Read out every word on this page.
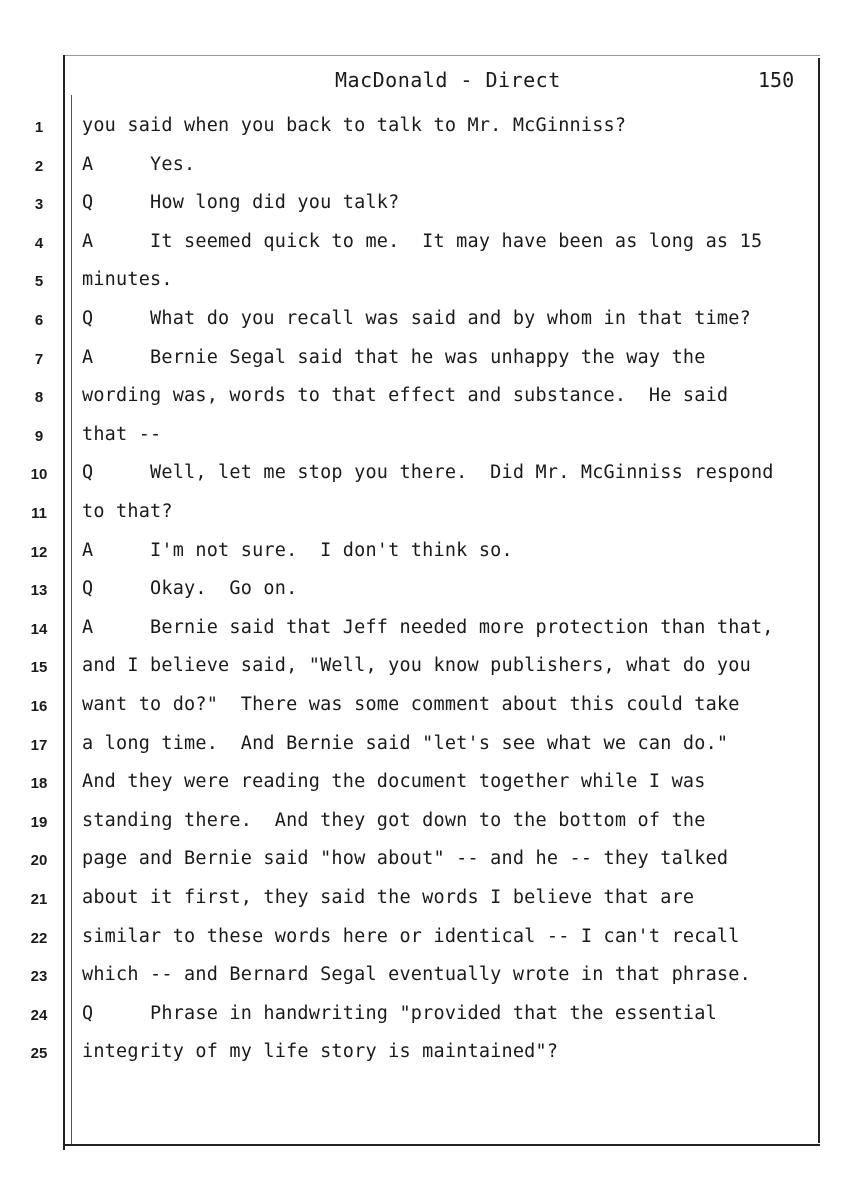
MacDonald - Direct	150
1	you said when you back to talk to Mr. McGinniss?
2	A     Yes.
3	Q     How long did you talk?
4	A     It seemed quick to me.  It may have been as long as 15
5	minutes.
6	Q     What do you recall was said and by whom in that time?
7	A     Bernie Segal said that he was unhappy the way the
8	wording was, words to that effect and substance.  He said
9	that --
10	Q     Well, let me stop you there.  Did Mr. McGinniss respond
11	to that?
12	A     I'm not sure.  I don't think so.
13	Q     Okay.  Go on.
14	A     Bernie said that Jeff needed more protection than that,
15	and I believe said, "Well, you know publishers, what do you
16	want to do?"  There was some comment about this could take
17	a long time.  And Bernie said "let's see what we can do."
18	And they were reading the document together while I was
19	standing there.  And they got down to the bottom of the
20	page and Bernie said "how about" -- and he -- they talked
21	about it first, they said the words I believe that are
22	similar to these words here or identical -- I can't recall
23	which -- and Bernard Segal eventually wrote in that phrase.
24	Q     Phrase in handwriting "provided that the essential
25	integrity of my life story is maintained"?
